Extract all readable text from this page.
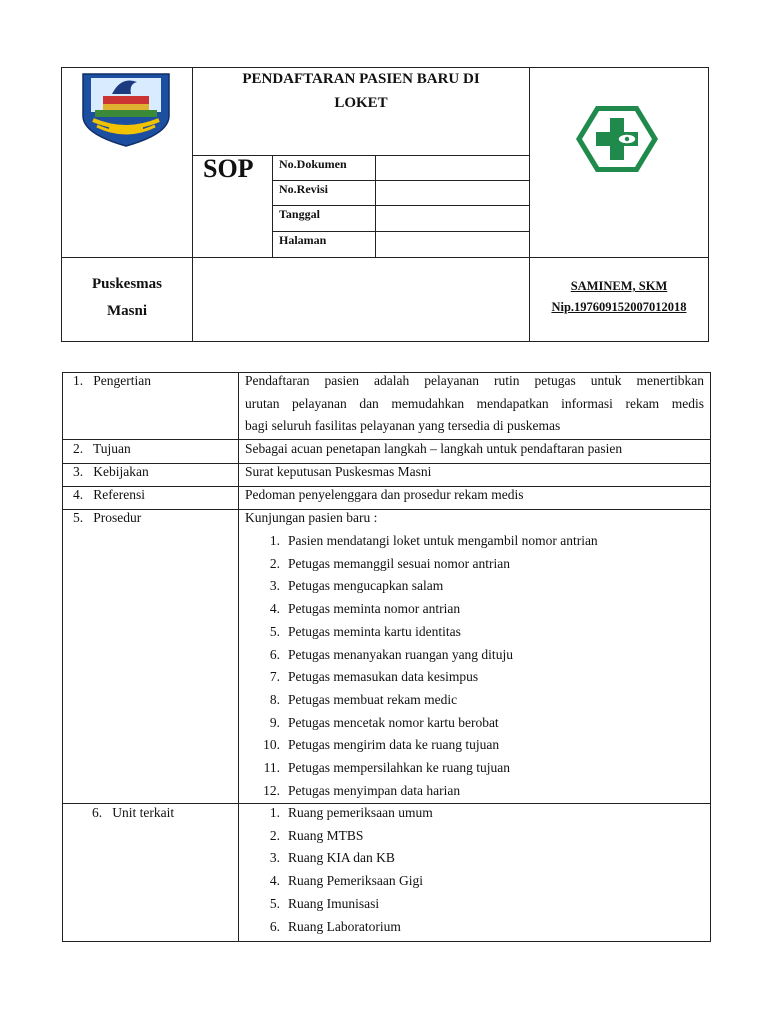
PENDAFTARAN PASIEN BARU DI
LOKET
SOP No.Dokumen
No.Revisi
Tanggal
Halaman
Puskesmas
Masni
SAMINEM, SKM
Nip.197609152007012018
1.   Pengertian	Pendaftaran pasien adalah pelayanan rutin petugas untuk menertibkan
urutan pelayanan dan memudahkan mendapatkan informasi rekam medis
bagi seluruh fasilitas pelayanan yang tersedia di puskemas
2.   Tujuan	Sebagai acuan penetapan langkah – langkah untuk pendaftaran pasien
3.   Kebijakan	Surat keputusan Puskesmas Masni
4.   Referensi	Pedoman penyelenggara dan prosedur rekam medis
5.   Prosedur	Kunjungan pasien baru :
1. Pasien mendatangi loket untuk mengambil nomor antrian
2. Petugas memanggil sesuai nomor antrian
3. Petugas mengucapkan salam
4. Petugas meminta nomor antrian
5. Petugas meminta kartu identitas
6. Petugas menanyakan ruangan yang dituju
7. Petugas memasukan data kesimpus
8. Petugas membuat rekam medic
9. Petugas mencetak nomor kartu berobat
10. Petugas mengirim data ke ruang tujuan
11. Petugas mempersilahkan ke ruang tujuan
12. Petugas menyimpan data harian
6.   Unit terkait	1. Ruang pemeriksaan umum
2. Ruang MTBS
3. Ruang KIA dan KB
4. Ruang Pemeriksaan Gigi
5. Ruang Imunisasi
6. Ruang Laboratorium
